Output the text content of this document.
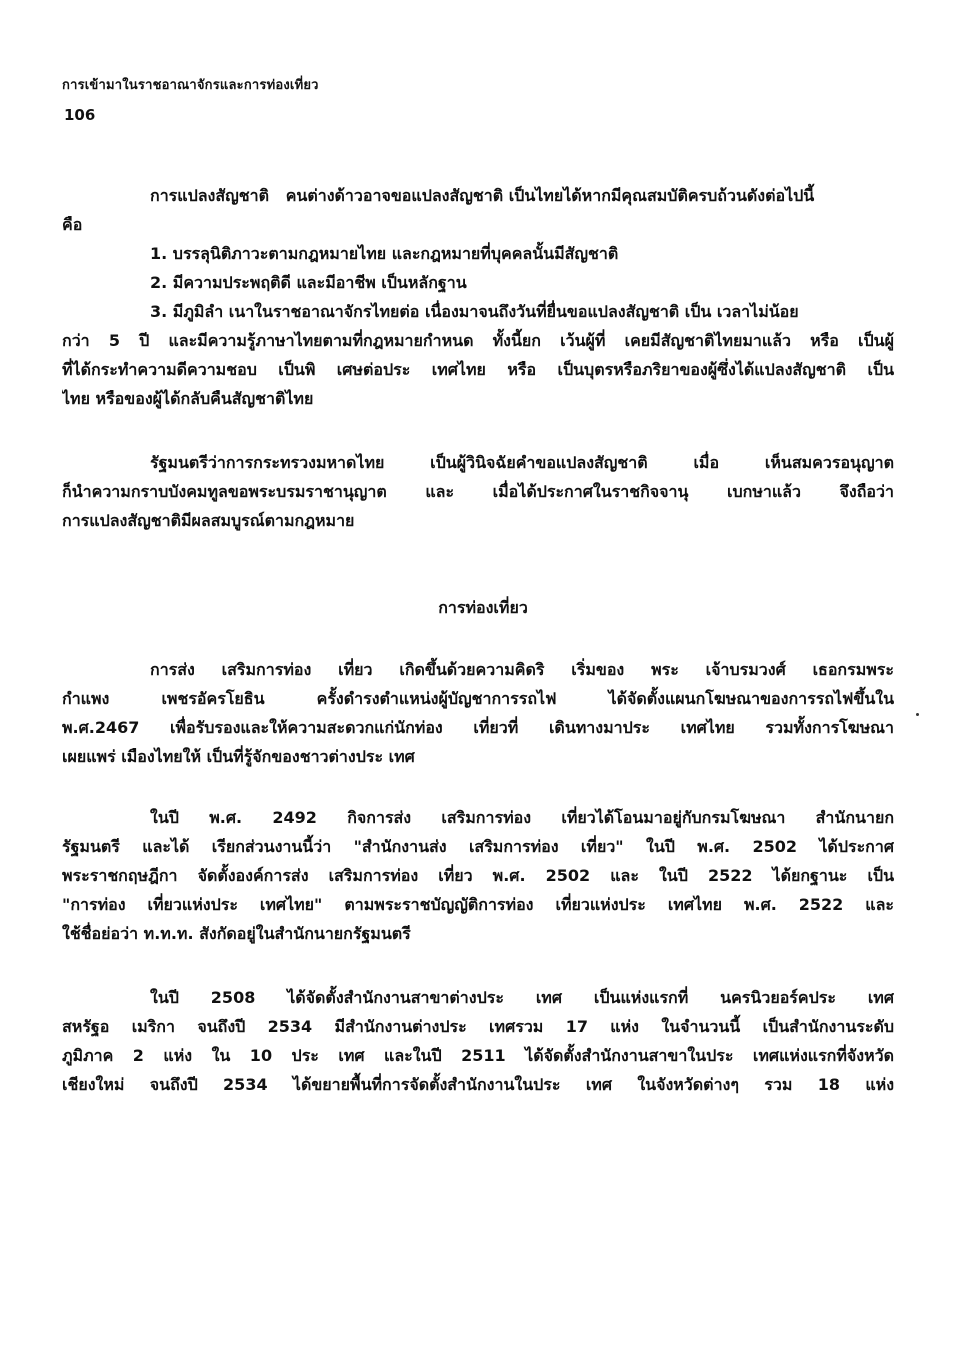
การเข้ามาในราชอาณาจักรและการท่องเที่ยว
106
การแปลงสัญชาติ คนต่างด้าวอาจขอแปลงสัญชาติ เป็นไทยได้หากมีคุณสมบัติครบถ้วนดังต่อไปนี้
คือ
1. บรรลุนิติภาวะตามกฎหมายไทย และกฎหมายที่บุคคลนั้นมีสัญชาติ
2. มีความประพฤติดี และมีอาชีพ เป็นหลักฐาน
3. มีภูมิลำ เนาในราชอาณาจักรไทยต่อ เนื่องมาจนถึงวันที่ยื่นขอแปลงสัญชาติ เป็น เวลาไม่น้อย
กว่า 5 ปี และมีความรู้ภาษาไทยตามที่กฎหมายกำหนด ทั้งนี้ยก เว้นผู้ที่ เคยมีสัญชาติไทยมาแล้ว หรือ เป็นผู้
ที่ได้กระทำความดีความชอบ เป็นพิ เศษต่อประ เทศไทย หรือ เป็นบุตรหรือภริยาของผู้ซึ่งได้แปลงสัญชาติ เป็น
ไทย หรือของผู้ได้กลับคืนสัญชาติไทย
รัฐมนตรีว่าการกระทรวงมหาดไทย เป็นผู้วินิจฉัยคำขอแปลงสัญชาติ เมื่อ เห็นสมควรอนุญาต
ก็นำความกราบบังคมทูลขอพระบรมราชานุญาต และ เมื่อได้ประกาศในราชกิจจานุ เบกษาแล้ว จึงถือว่า
การแปลงสัญชาติมีผลสมบูรณ์ตามกฎหมาย
การท่องเที่ยว
การส่ง เสริมการท่อง เที่ยว เกิดขึ้นด้วยความคิดริ เริ่มของ พระ เจ้าบรมวงศ์ เธอกรมพระ
กำแพง เพชรอัครโยธิน ครั้งดำรงตำแหน่งผู้บัญชาการรถไฟ ได้จัดตั้งแผนกโฆษณาของการรถไฟขึ้นใน
พ.ศ.2467 เพื่อรับรองและให้ความสะดวกแก่นักท่อง เที่ยวที่ เดินทางมาประ เทศไทย รวมทั้งการโฆษณา
เผยแพร่ เมืองไทยให้ เป็นที่รู้จักของชาวต่างประ เทศ
ในปี พ.ศ. 2492 กิจการส่ง เสริมการท่อง เที่ยวได้โอนมาอยู่กับกรมโฆษณา สำนักนายก
รัฐมนตรี และได้ เรียกส่วนงานนี้ว่า "สำนักงานส่ง เสริมการท่อง เที่ยว" ในปี พ.ศ. 2502 ได้ประกาศ
พระราชกฤษฎีกา จัดตั้งองค์การส่ง เสริมการท่อง เที่ยว พ.ศ. 2502 และ ในปี 2522 ได้ยกฐานะ เป็น
"การท่อง เที่ยวแห่งประ เทศไทย" ตามพระราชบัญญัติการท่อง เที่ยวแห่งประ เทศไทย พ.ศ. 2522 และ
ใช้ชื่อย่อว่า ท.ท.ท. สังกัดอยู่ในสำนักนายกรัฐมนตรี
ในปี 2508 ได้จัดตั้งสำนักงานสาขาต่างประ เทศ เป็นแห่งแรกที่ นครนิวยอร์คประ เทศ
สหรัฐอ เมริกา จนถึงปี 2534 มีสำนักงานต่างประ เทศรวม 17 แห่ง ในจำนวนนี้ เป็นสำนักงานระดับ
ภูมิภาค 2 แห่ง ใน 10 ประ เทศ และในปี 2511 ได้จัดตั้งสำนักงานสาขาในประ เทศแห่งแรกที่จังหวัด
เชียงใหม่ จนถึงปี 2534 ได้ขยายพื้นที่การจัดตั้งสำนักงานในประ เทศ ในจังหวัดต่างๆ รวม 18 แห่ง
